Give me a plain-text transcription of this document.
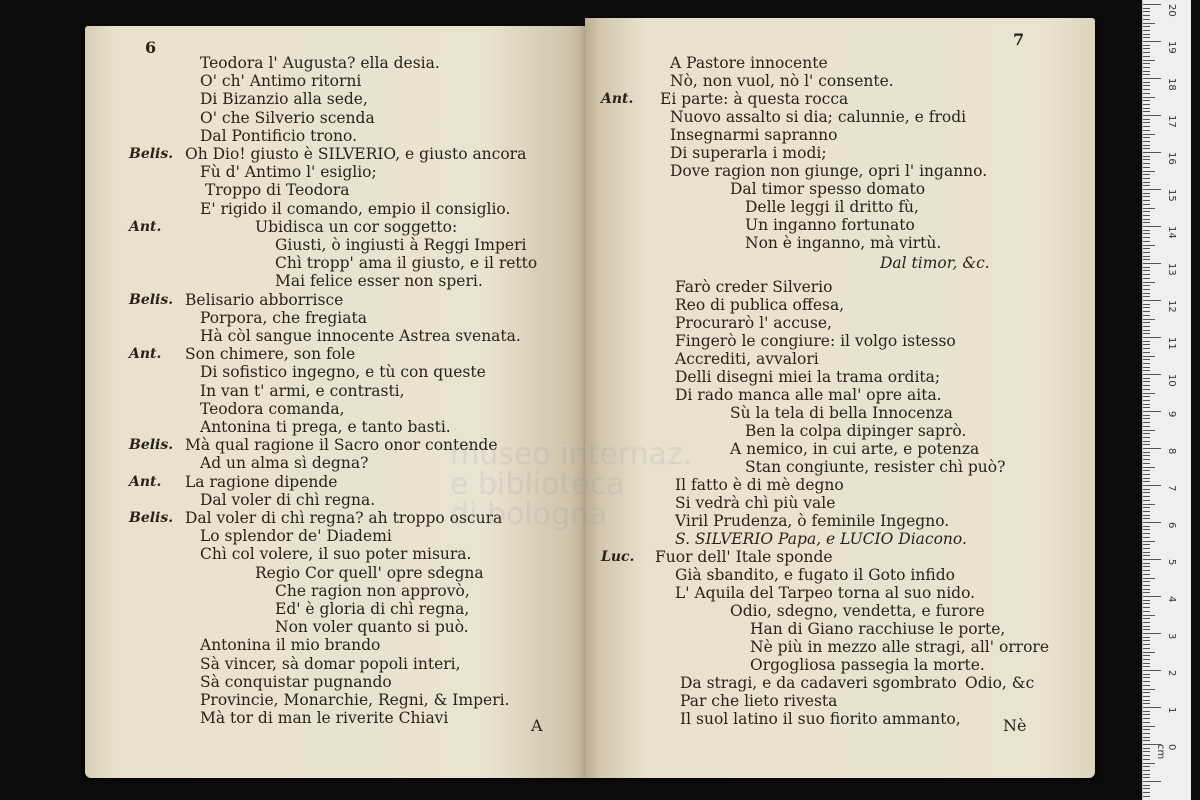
6
Teodora l' Augusta? ella desia.
O' ch' Antimo ritorni
Di Bizanzio alla sede,
O' che Silverio scenda
Dal Pontificio trono.
Belis. Oh Dio! giusto è SILVERIO, e giusto ancora
Fù d' Antimo l' esiglio;
Troppo di Teodora
E' rigido il comando, empio il consiglio.
Ant.	Ubidisca un cor soggetto:
Giusti, ò ingiusti à Reggi Imperi
Chì tropp' ama il giusto, e il retto
Mai felice esser non speri.
Belis. Belisario abborrisce
Porpora, che fregiata
Hà còl sangue innocente Astrea svenata.
Ant. Son chimere, son fole
Di sofistico ingegno, e tù con queste
In van t' armi, e contrasti,
Teodora comanda,
Antonina ti prega, e tanto basti.
Belis. Mà qual ragione il Sacro onor contende
Ad un alma sì degna?
Ant. La ragione dipende
Dal voler di chì regna.
Belis. Dal voler di chì regna? ah troppo oscura
Lo splendor de' Diademi
Chì col volere, il suo poter misura.
Regio Cor quell' opre sdegna
Che ragion non approvò,
Ed' è gloria di chì regna,
Non voler quanto si può.
Antonina il mio brando
Sà vincer, sà domar popoli interi,
Sà conquistar pugnando
Provincie, Monarchie, Regni, & Imperi.
Mà tor di man le riverite Chiavi	A
7
A Pastore innocente
Nò, non vuol, nò l' consente.
Ant. Ei parte: à questa rocca
Nuovo assalto si dia; calunnie, e frodi
Insegnarmi sapranno
Di superarla i modi;
Dove ragion non giunge, opri l' inganno.
Dal timor spesso domato
Delle leggi il dritto fù,
Un inganno fortunato
Non è inganno, mà virtù.
Dal timor, &c.
Farò creder Silverio
Reo di publica offesa,
Procurarò l' accuse,
Fingerò le congiure: il volgo istesso
Accrediti, avvalori
Delli disegni miei la trama ordita;
Di rado manca alle mal' opre aita.
Sù la tela di bella Innocenza
Ben la colpa dipinger saprò.
A nemico, in cui arte, e potenza
Stan congiunte, resister chì può?
Il fatto è di mè degno
Si vedrà chì più vale
Viril Prudenza, ò feminile Ingegno.
S. SILVERIO Papa, e LUCIO Diacono.
Luc. Fuor dell' Itale sponde
Già sbandito, e fugato il Goto infido
L' Aquila del Tarpeo torna al suo nido.
Odio, sdegno, vendetta, e furore
Han di Giano racchiuse le porte,
Nè più in mezzo alle stragi, all' orrore
Orgogliosa passegia la morte.
Da stragi, e da cadaveri sgombrato Odio, &c
Par che lieto rivesta
Il suol latino il suo fiorito ammanto,	Nè
20
19
18
17
16
15
14
13
12
11
10
9
8
7
6
5
4
3
2
1
0 cm
